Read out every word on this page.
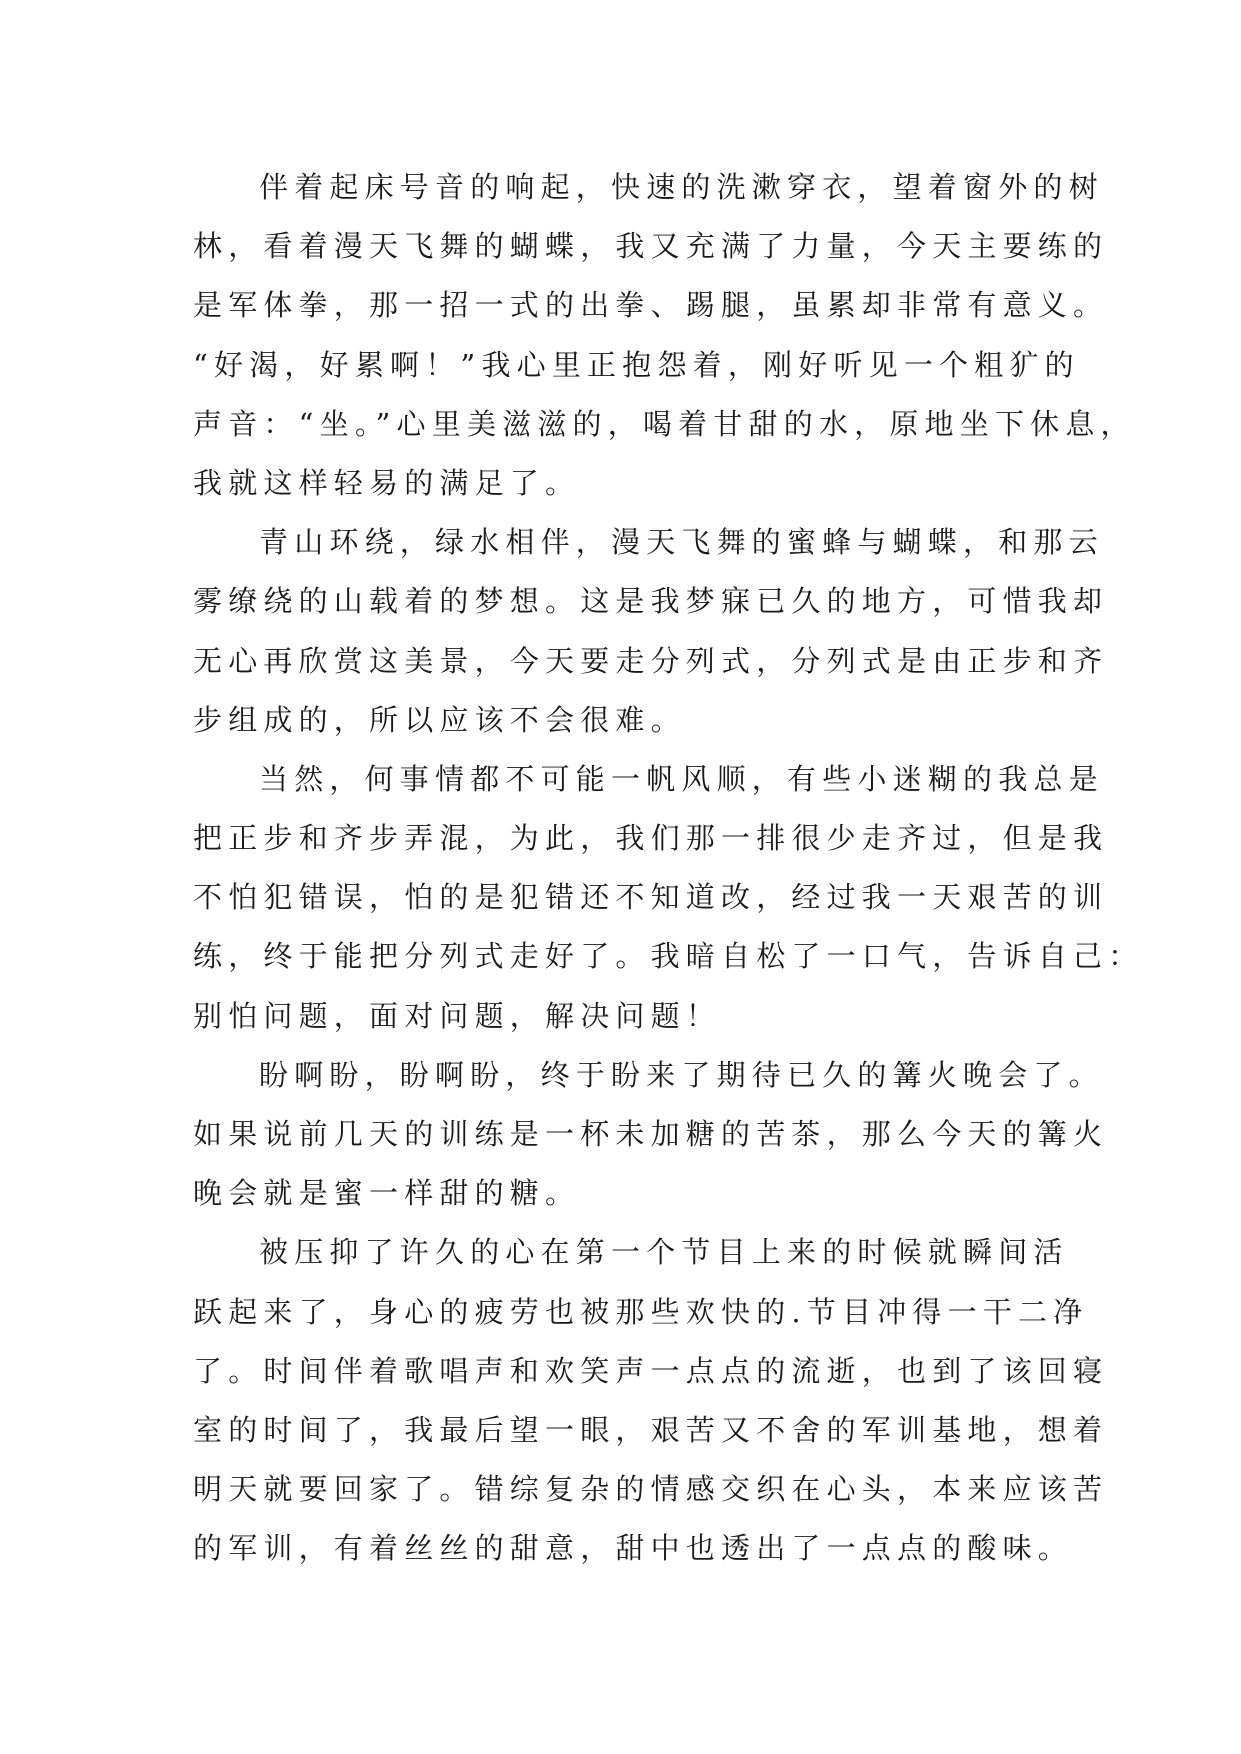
伴着起床号音的响起，快速的洗漱穿衣，望着窗外的树
林，看着漫天飞舞的蝴蝶，我又充满了力量，今天主要练的
是军体拳，那一招一式的出拳、踢腿，虽累却非常有意义。
“好渴，好累啊！”我心里正抱怨着，刚好听见一个粗犷的
声音：“坐。”心里美滋滋的，喝着甘甜的水，原地坐下休息，
我就这样轻易的满足了。
青山环绕，绿水相伴，漫天飞舞的蜜蜂与蝴蝶，和那云
雾缭绕的山载着的梦想。这是我梦寐已久的地方，可惜我却
无心再欣赏这美景，今天要走分列式，分列式是由正步和齐
步组成的，所以应该不会很难。
当然，何事情都不可能一帆风顺，有些小迷糊的我总是
把正步和齐步弄混，为此，我们那一排很少走齐过，但是我
不怕犯错误，怕的是犯错还不知道改，经过我一天艰苦的训
练，终于能把分列式走好了。我暗自松了一口气，告诉自己：
别怕问题，面对问题，解决问题！
盼啊盼，盼啊盼，终于盼来了期待已久的篝火晚会了。
如果说前几天的训练是一杯未加糖的苦茶，那么今天的篝火
晚会就是蜜一样甜的糖。
被压抑了许久的心在第一个节目上来的时候就瞬间活
跃起来了，身心的疲劳也被那些欢快的.节目冲得一干二净
了。时间伴着歌唱声和欢笑声一点点的流逝，也到了该回寝
室的时间了，我最后望一眼，艰苦又不舍的军训基地，想着
明天就要回家了。错综复杂的情感交织在心头，本来应该苦
的军训，有着丝丝的甜意，甜中也透出了一点点的酸味。
